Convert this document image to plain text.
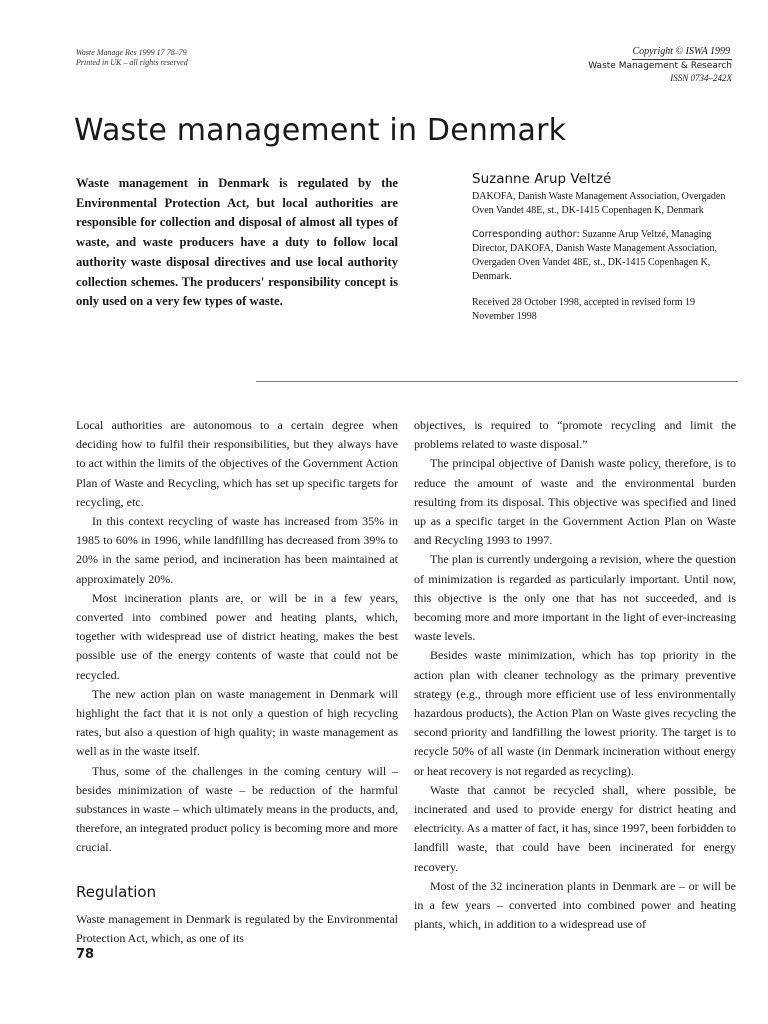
Waste Manage Res 1999 17 78–79
Printed in UK – all rights reserved
Copyright © ISWA 1999
Waste Management & Research
ISSN 0734–242X
Waste management in Denmark

Waste management in Denmark is regulated by the Environmental Protection Act, but local authorities are responsible for collection and disposal of almost all types of waste, and waste producers have a duty to follow local authority waste disposal directives and use local authority collection schemes. The producers' responsibility concept is only used on a very few types of waste.

Suzanne Arup Veltzé

DAKOFA, Danish Waste Management Association, Overgaden Oven Vandet 48E, st., DK-1415 Copenhagen K, Denmark

Corresponding author: Suzanne Arup Veltzé, Managing Director, DAKOFA, Danish Waste Management Association, Overgaden Oven Vandet 48E, st., DK-1415 Copenhagen K, Denmark.

Received 28 October 1998, accepted in revised form 19 November 1998

Local authorities are autonomous to a certain degree when deciding how to fulfil their responsibilities, but they always have to act within the limits of the objectives of the Government Action Plan of Waste and Recycling, which has set up specific targets for recycling, etc.

In this context recycling of waste has increased from 35% in 1985 to 60% in 1996, while landfilling has decreased from 39% to 20% in the same period, and incineration has been maintained at approximately 20%.

Most incineration plants are, or will be in a few years, converted into combined power and heating plants, which, together with widespread use of district heating, makes the best possible use of the energy contents of waste that could not be recycled.

The new action plan on waste management in Denmark will highlight the fact that it is not only a question of high recycling rates, but also a question of high quality; in waste management as well as in the waste itself.

Thus, some of the challenges in the coming century will – besides minimization of waste – be reduction of the harmful substances in waste – which ultimately means in the products, and, therefore, an integrated product policy is becoming more and more crucial.

Regulation

Waste management in Denmark is regulated by the Environmental Protection Act, which, as one of its

objectives, is required to “promote recycling and limit the problems related to waste disposal.”

The principal objective of Danish waste policy, therefore, is to reduce the amount of waste and the environmental burden resulting from its disposal. This objective was specified and lined up as a specific target in the Government Action Plan on Waste and Recycling 1993 to 1997.

The plan is currently undergoing a revision, where the question of minimization is regarded as particularly important. Until now, this objective is the only one that has not succeeded, and is becoming more and more important in the light of ever-increasing waste levels.

Besides waste minimization, which has top priority in the action plan with cleaner technology as the primary preventive strategy (e.g., through more efficient use of less environmentally hazardous products), the Action Plan on Waste gives recycling the second priority and landfilling the lowest priority. The target is to recycle 50% of all waste (in Denmark incineration without energy or heat recovery is not regarded as recycling).

Waste that cannot be recycled shall, where possible, be incinerated and used to provide energy for district heating and electricity. As a matter of fact, it has, since 1997, been forbidden to landfill waste, that could have been incinerated for energy recovery.

Most of the 32 incineration plants in Denmark are – or will be in a few years – converted into combined power and heating plants, which, in addition to a widespread use of

78
